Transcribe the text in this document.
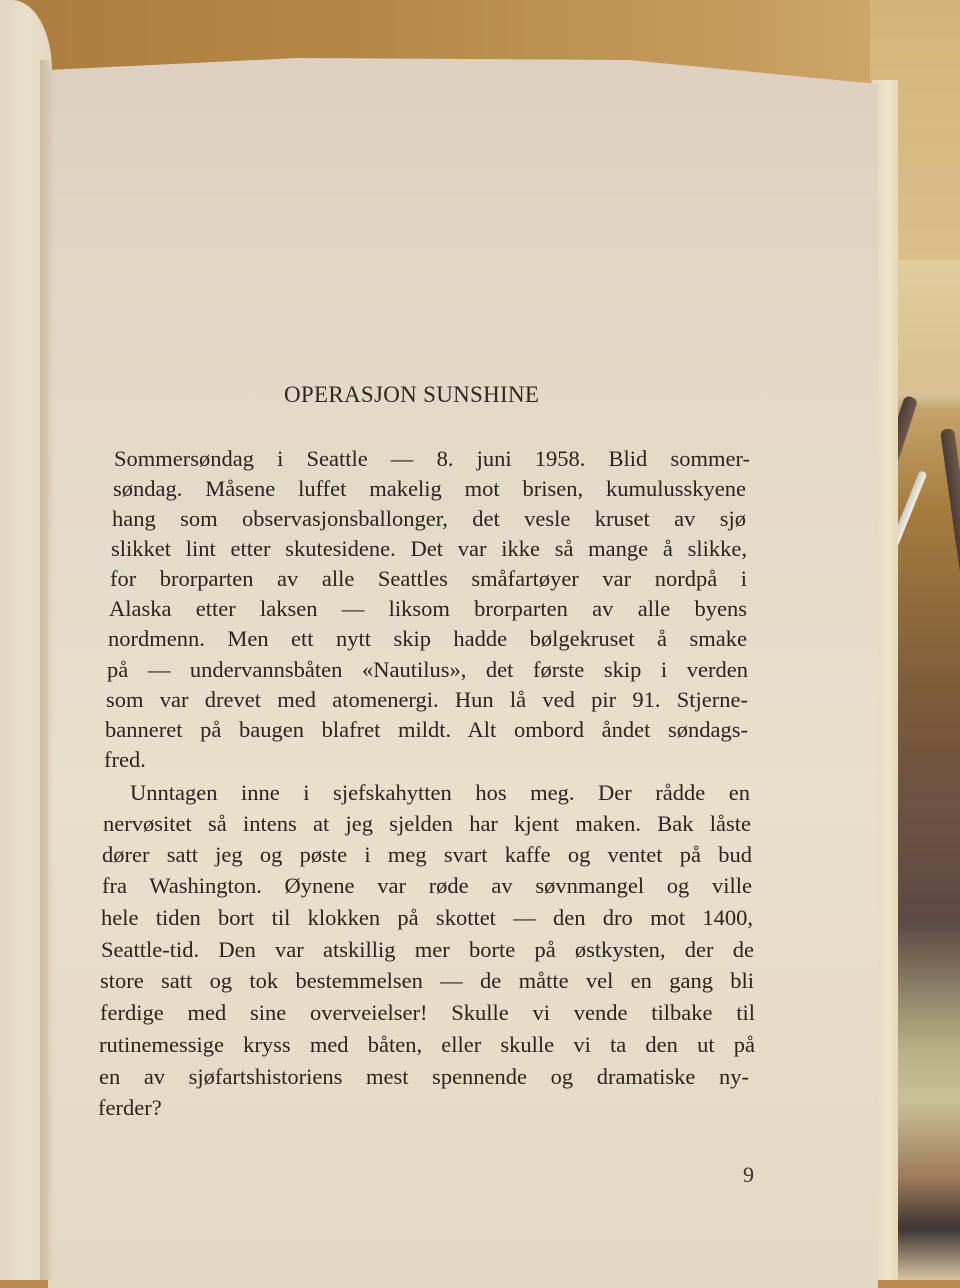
OPERASJON SUNSHINE
Sommersøndag i Seattle — 8. juni 1958. Blid sommer-
søndag. Måsene luffet makelig mot brisen, kumulusskyene
hang som observasjonsballonger, det vesle kruset av sjø
slikket lint etter skutesidene. Det var ikke så mange å slikke,
for brorparten av alle Seattles småfartøyer var nordpå i
Alaska etter laksen — liksom brorparten av alle byens
nordmenn. Men ett nytt skip hadde bølgekruset å smake
på — undervannsbåten «Nautilus», det første skip i verden
som var drevet med atomenergi. Hun lå ved pir 91. Stjerne-
banneret på baugen blafret mildt. Alt ombord åndet søndags-
fred.
Unntagen inne i sjefskahytten hos meg. Der rådde en
nervøsitet så intens at jeg sjelden har kjent maken. Bak låste
dører satt jeg og pøste i meg svart kaffe og ventet på bud
fra Washington. Øynene var røde av søvnmangel og ville
hele tiden bort til klokken på skottet — den dro mot 1400,
Seattle-tid. Den var atskillig mer borte på østkysten, der de
store satt og tok bestemmelsen — de måtte vel en gang bli
ferdige med sine overveielser! Skulle vi vende tilbake til
rutinemessige kryss med båten, eller skulle vi ta den ut på
en av sjøfartshistoriens mest spennende og dramatiske ny-
ferder?
9
